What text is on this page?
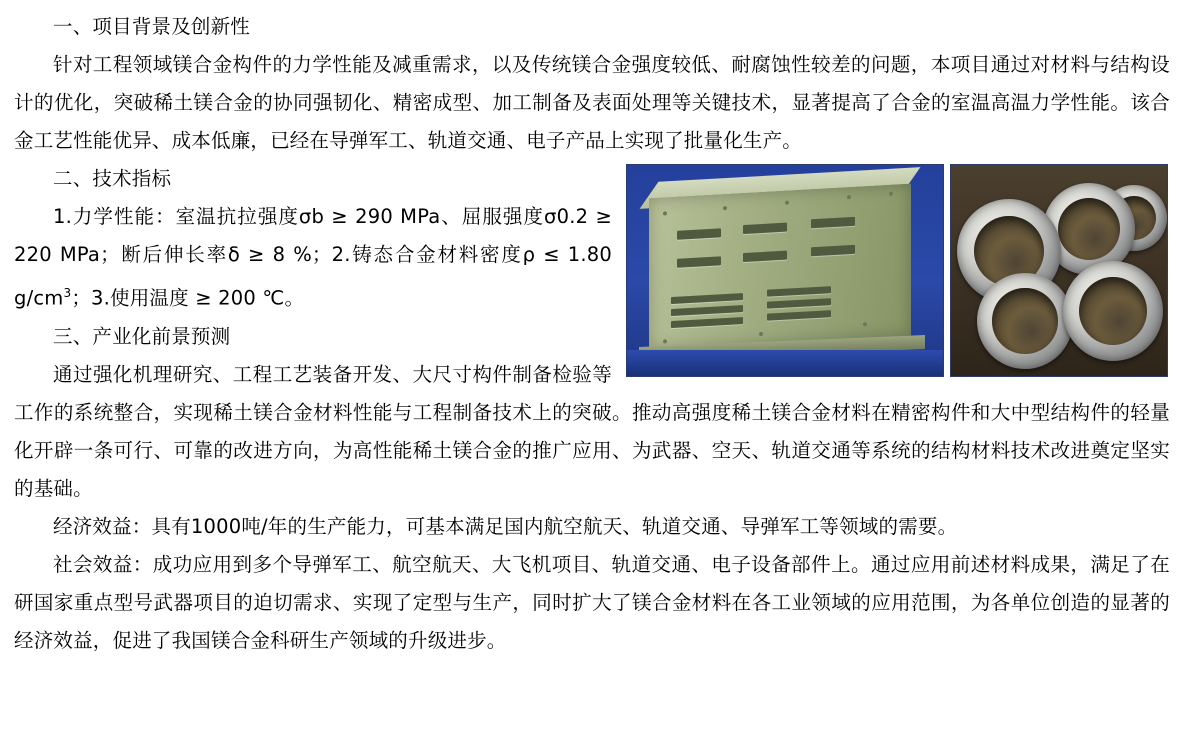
一、项目背景及创新性

针对工程领域镁合金构件的力学性能及减重需求，以及传统镁合金强度较低、耐腐蚀性较差的问题，本项目通过对材料与结构设计的优化，突破稀土镁合金的协同强韧化、精密成型、加工制备及表面处理等关键技术，显著提高了合金的室温高温力学性能。该合金工艺性能优异、成本低廉，已经在导弹军工、轨道交通、电子产品上实现了批量化生产。

二、技术指标

1.力学性能：室温抗拉强度σb ≥ 290 MPa、屈服强度σ0.2 ≥ 220 MPa；断后伸长率δ ≥ 8 %；2.铸态合金材料密度ρ ≤ 1.80 $g/cm^3$；3.使用温度 ≥ 200 ℃。

三、产业化前景预测

通过强化机理研究、工程工艺装备开发、大尺寸构件制备检验等工作的系统整合，实现稀土镁合金材料性能与工程制备技术上的突破。推动高强度稀土镁合金材料在精密构件和大中型结构件的轻量化开辟一条可行、可靠的改进方向，为高性能稀土镁合金的推广应用、为武器、空天、轨道交通等系统的结构材料技术改进奠定坚实的基础。

经济效益：具有1000吨/年的生产能力，可基本满足国内航空航天、轨道交通、导弹军工等领域的需要。

社会效益：成功应用到多个导弹军工、航空航天、大飞机项目、轨道交通、电子设备部件上。通过应用前述材料成果，满足了在研国家重点型号武器项目的迫切需求、实现了定型与生产，同时扩大了镁合金材料在各工业领域的应用范围，为各单位创造的显著的经济效益，促进了我国镁合金科研生产领域的升级进步。
